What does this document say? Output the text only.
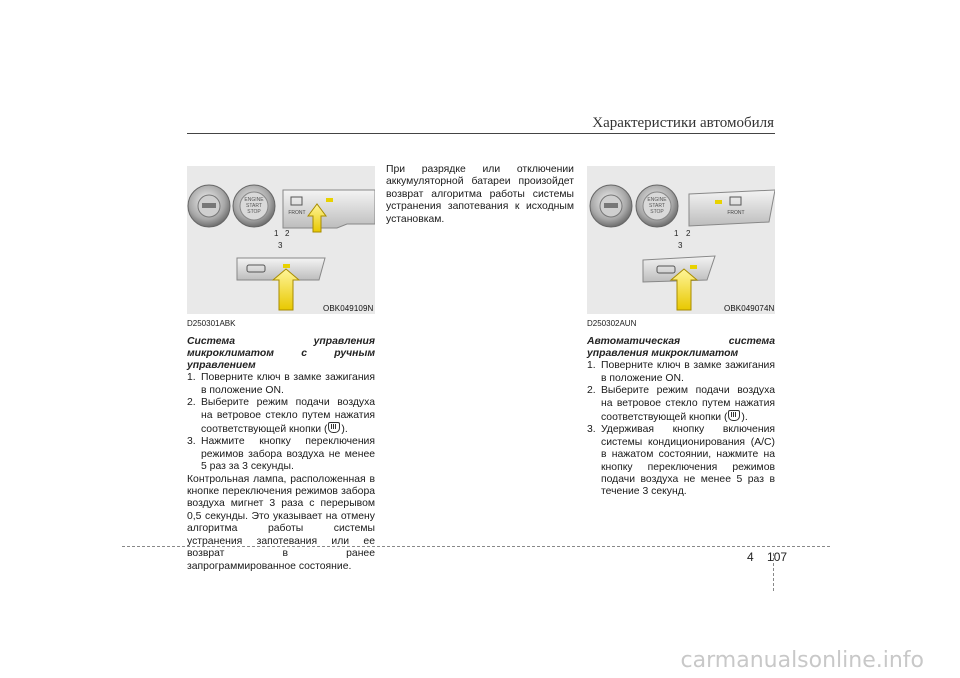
Характеристики автомобиля
ENGINE
START
STOP	FRONT
1 2
3
OBK049109N

D250301ABK

Система управления микроклиматом с ручным управлением

1. Поверните ключ в замке зажигания в положение ON.
2. Выберите режим подачи воздуха на ветровое стекло путем нажатия соответствующей кнопки ( ).
3. Нажмите кнопку переключения режимов забора воздуха не менее 5 раз за 3 секунды.

Контрольная лампа, расположенная в кнопке переключения режимов забора воздуха мигнет 3 раза с перерывом 0,5 секунды. Это указывает на отмену алгоритма работы системы устранения запотевания или ее возврат в ранее запрограммированное состояние.

При разрядке или отключении аккумуляторной батареи произойдет возврат алгоритма работы системы устранения запотевания к исходным установкам.

ENGINE
START
STOP	FRONT
1 2
3
OBK049074N

D250302AUN

Автоматическая система управления микроклиматом

1. Поверните ключ в замке зажигания в положение ON.
2. Выберите режим подачи воздуха на ветровое стекло путем нажатия соответствующей кнопки ( ).
3. Удерживая кнопку включения системы кондиционирования (A/C) в нажатом состоянии, нажмите на кнопку переключения режимов подачи воздуха не менее 5 раз в течение 3 секунд.
4 107
carmanualsonline.info
